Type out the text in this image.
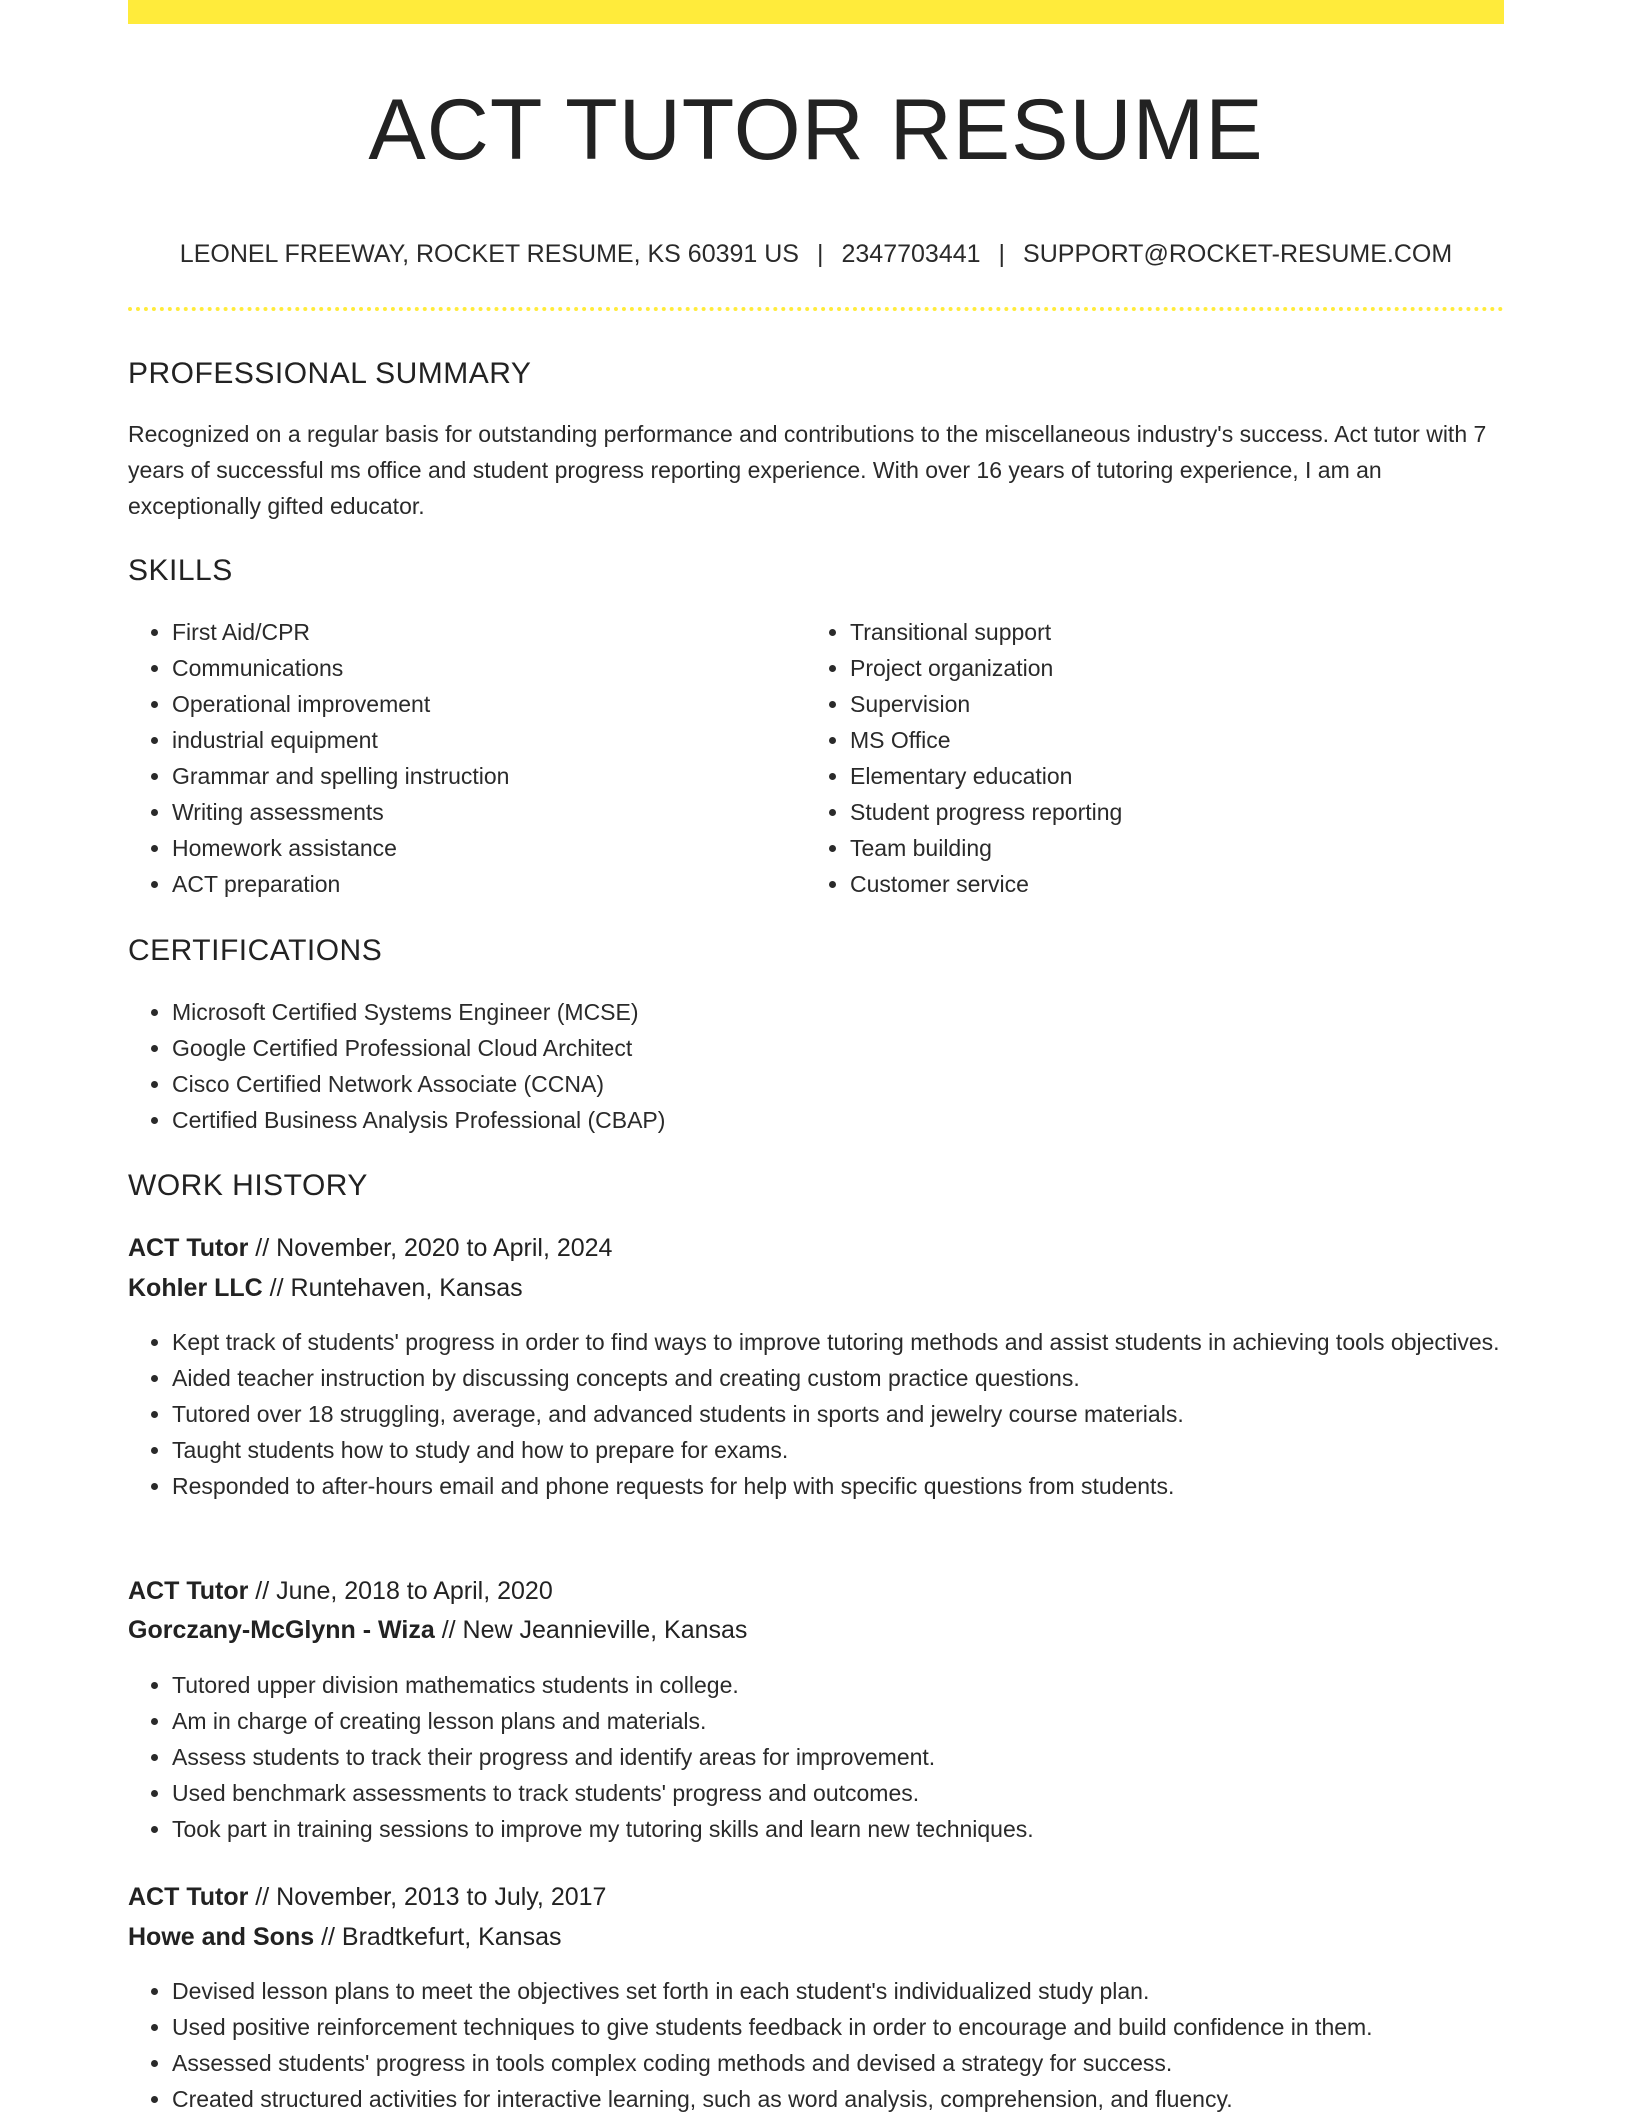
ACT TUTOR RESUME
LEONEL FREEWAY, ROCKET RESUME, KS 60391 US | 2347703441 | SUPPORT@ROCKET-RESUME.COM
PROFESSIONAL SUMMARY

Recognized on a regular basis for outstanding performance and contributions to the miscellaneous industry's success. Act tutor with 7 years of successful ms office and student progress reporting experience. With over 16 years of tutoring experience, I am an exceptionally gifted educator.

SKILLS
• First Aid/CPR
• Communications
• Operational improvement
• industrial equipment
• Grammar and spelling instruction
• Writing assessments
• Homework assistance
• ACT preparation
• Transitional support
• Project organization
• Supervision
• MS Office
• Elementary education
• Student progress reporting
• Team building
• Customer service
CERTIFICATIONS
• Microsoft Certified Systems Engineer (MCSE)
• Google Certified Professional Cloud Architect
• Cisco Certified Network Associate (CCNA)
• Certified Business Analysis Professional (CBAP)
WORK HISTORY
ACT Tutor // November, 2020 to April, 2024
Kohler LLC // Runtehaven, Kansas
• Kept track of students' progress in order to find ways to improve tutoring methods and assist students in achieving tools objectives.
• Aided teacher instruction by discussing concepts and creating custom practice questions.
• Tutored over 18 struggling, average, and advanced students in sports and jewelry course materials.
• Taught students how to study and how to prepare for exams.
• Responded to after-hours email and phone requests for help with specific questions from students.
ACT Tutor // June, 2018 to April, 2020
Gorczany-McGlynn - Wiza // New Jeannieville, Kansas
• Tutored upper division mathematics students in college.
• Am in charge of creating lesson plans and materials.
• Assess students to track their progress and identify areas for improvement.
• Used benchmark assessments to track students' progress and outcomes.
• Took part in training sessions to improve my tutoring skills and learn new techniques.
ACT Tutor // November, 2013 to July, 2017
Howe and Sons // Bradtkefurt, Kansas
• Devised lesson plans to meet the objectives set forth in each student's individualized study plan.
• Used positive reinforcement techniques to give students feedback in order to encourage and build confidence in them.
• Assessed students' progress in tools complex coding methods and devised a strategy for success.
• Created structured activities for interactive learning, such as word analysis, comprehension, and fluency.
